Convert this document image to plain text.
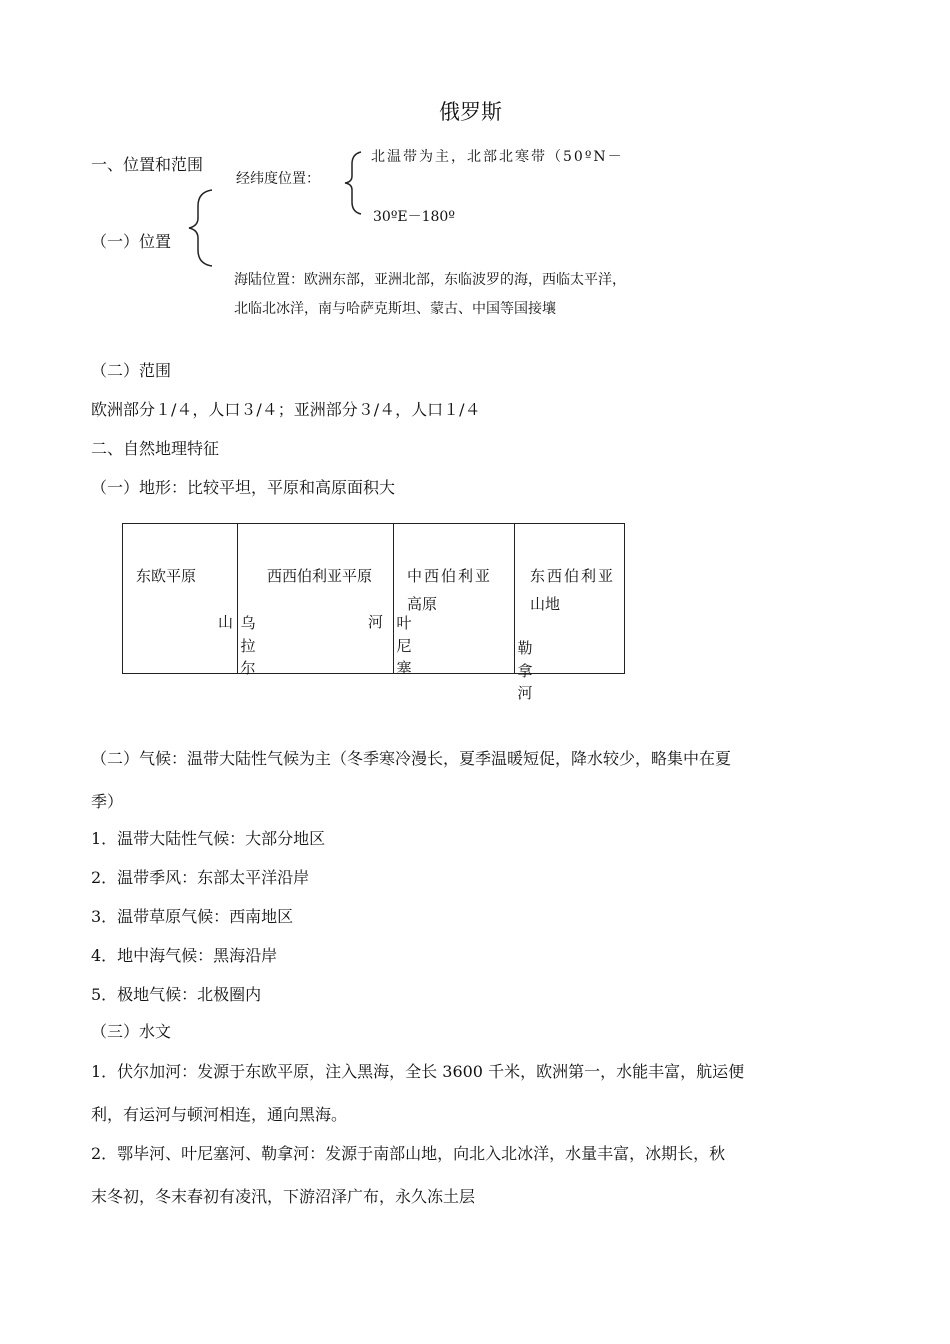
俄罗斯
一、位置和范围
（一）位置
经纬度位置：
北温带为主，北部北寒带（50ºN－
30ºE－180º
海陆位置：欧洲东部，亚洲北部，东临波罗的海，西临太平洋，
北临北冰洋，南与哈萨克斯坦、蒙古、中国等国接壤
（二）范围
欧洲部分１/４，人口３/４；亚洲部分３/４，人口１/４
二、自然地理特征
（一）地形：比较平坦，平原和高原面积大
东欧平原	西西伯利亚平原 中西伯利亚
高原
东西伯利亚
山地
山	河
乌
拉
尔
叶
尼
塞
勒
拿
河
（二）气候：温带大陆性气候为主（冬季寒冷漫长，夏季温暖短促，降水较少，略集中在夏
季）
1．温带大陆性气候：大部分地区
2．温带季风：东部太平洋沿岸
3．温带草原气候：西南地区
4．地中海气候：黑海沿岸
5．极地气候：北极圈内
（三）水文
1．伏尔加河：发源于东欧平原，注入黑海，全长 3600 千米，欧洲第一，水能丰富，航运便
利，有运河与顿河相连，通向黑海。
2．鄂毕河、叶尼塞河、勒拿河：发源于南部山地，向北入北冰洋，水量丰富，冰期长，秋
末冬初，冬末春初有凌汛，下游沼泽广布，永久冻土层
